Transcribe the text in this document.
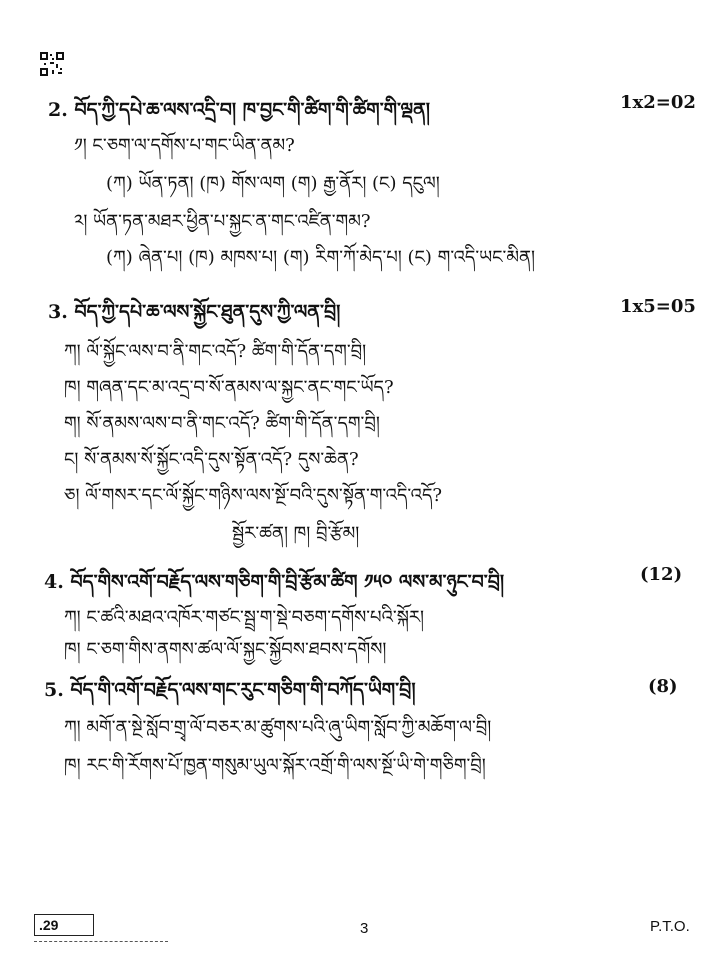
2. བོད་ཀྱི་དཔེ་ཆ་ལས་འདྲི་བ། ཁ་བྱང་གི་ཚིག་གི་ཚིག་གི་ལྡན།	1x2=02
༡། ང་ཅག་ལ་དགོས་པ་གང་ཡིན་ནམ?
(ཀ) ཡོན་ཏན། (ཁ) གོས་ལག (ག) རྒྱ་ནོར། (ང) དངུལ།
༢། ཡོན་ཏན་མཐར་ཕྱིན་པ་སྐྱང་ན་གང་འཛིན་གམ?
(ཀ) ཞེན་པ། (ཁ) མཁས་པ། (ག) རིག་ཀོ་མེད་པ། (ང) ག་འདི་ཡང་མིན།
3. བོད་ཀྱི་དཔེ་ཆ་ལས་སྐྱོང་ཐུན་དུས་ཀྱི་ལན་བྲི།	1x5=05
ཀ། ལོ་སྐྱོང་ལས་བ་ནི་གང་འདོ? ཚིག་གི་དོན་དག་བྲི།
ཁ། གཞན་དང་མ་འདྲ་བ་སོ་ནམས་ལ་སྐྱང་ནང་གང་ཡོད?
ག། སོ་ནམས་ལས་བ་ནི་གང་འདོ? ཚིག་གི་དོན་དག་བྲི།
ང། སོ་ནམས་སོ་སྐྱོང་འདི་དུས་སྟོན་འདོ? དུས་ཆེན?
ཅ། ལོ་གསར་དང་ལོ་སྐྱོང་གཉིས་ལས་སྔོ་བའི་དུས་སྟོན་ག་འདི་འདོ?
སྦྱོར་ཚན། ཁ། བྲི་རྩོམ།
4. བོད་གིས་འགོ་བརྗོད་ལས་གཅིག་གི་བྲི་རྩོམ་ཚིག ༡༥༠ ལས་མ་ཉུང་བ་བྲི།	(12)
ཀ། ང་ཚའི་མཐའ་འཁོར་གཙང་སྦྲ་ག་སྡེ་བཅག་དགོས་པའི་སྐོར།
ཁ། ང་ཅག་གིས་ནགས་ཚལ་ལོ་སྐྱང་སྐྱོབས་ཐབས་དགོས།
5. བོད་གི་འགོ་བརྗོད་ལས་གང་རུང་གཅིག་གི་བཀོད་ཡིག་བྲི།	(8)
ཀ། མགོ་ན་སྔེ་སློབ་གྲྭ་ལོ་བཅར་མ་ཚུགས་པའི་ཞུ་ཡིག་སློབ་ཀྱི་མཆོག་ལ་བྲི།
ཁ། རང་གི་རོགས་པོ་ཁྱན་གསུམ་ཡུལ་སྐོར་འགྲོ་གི་ལས་སྔོ་ཡི་གེ་གཅིག་བྲི།
.29	3	P.T.O.
